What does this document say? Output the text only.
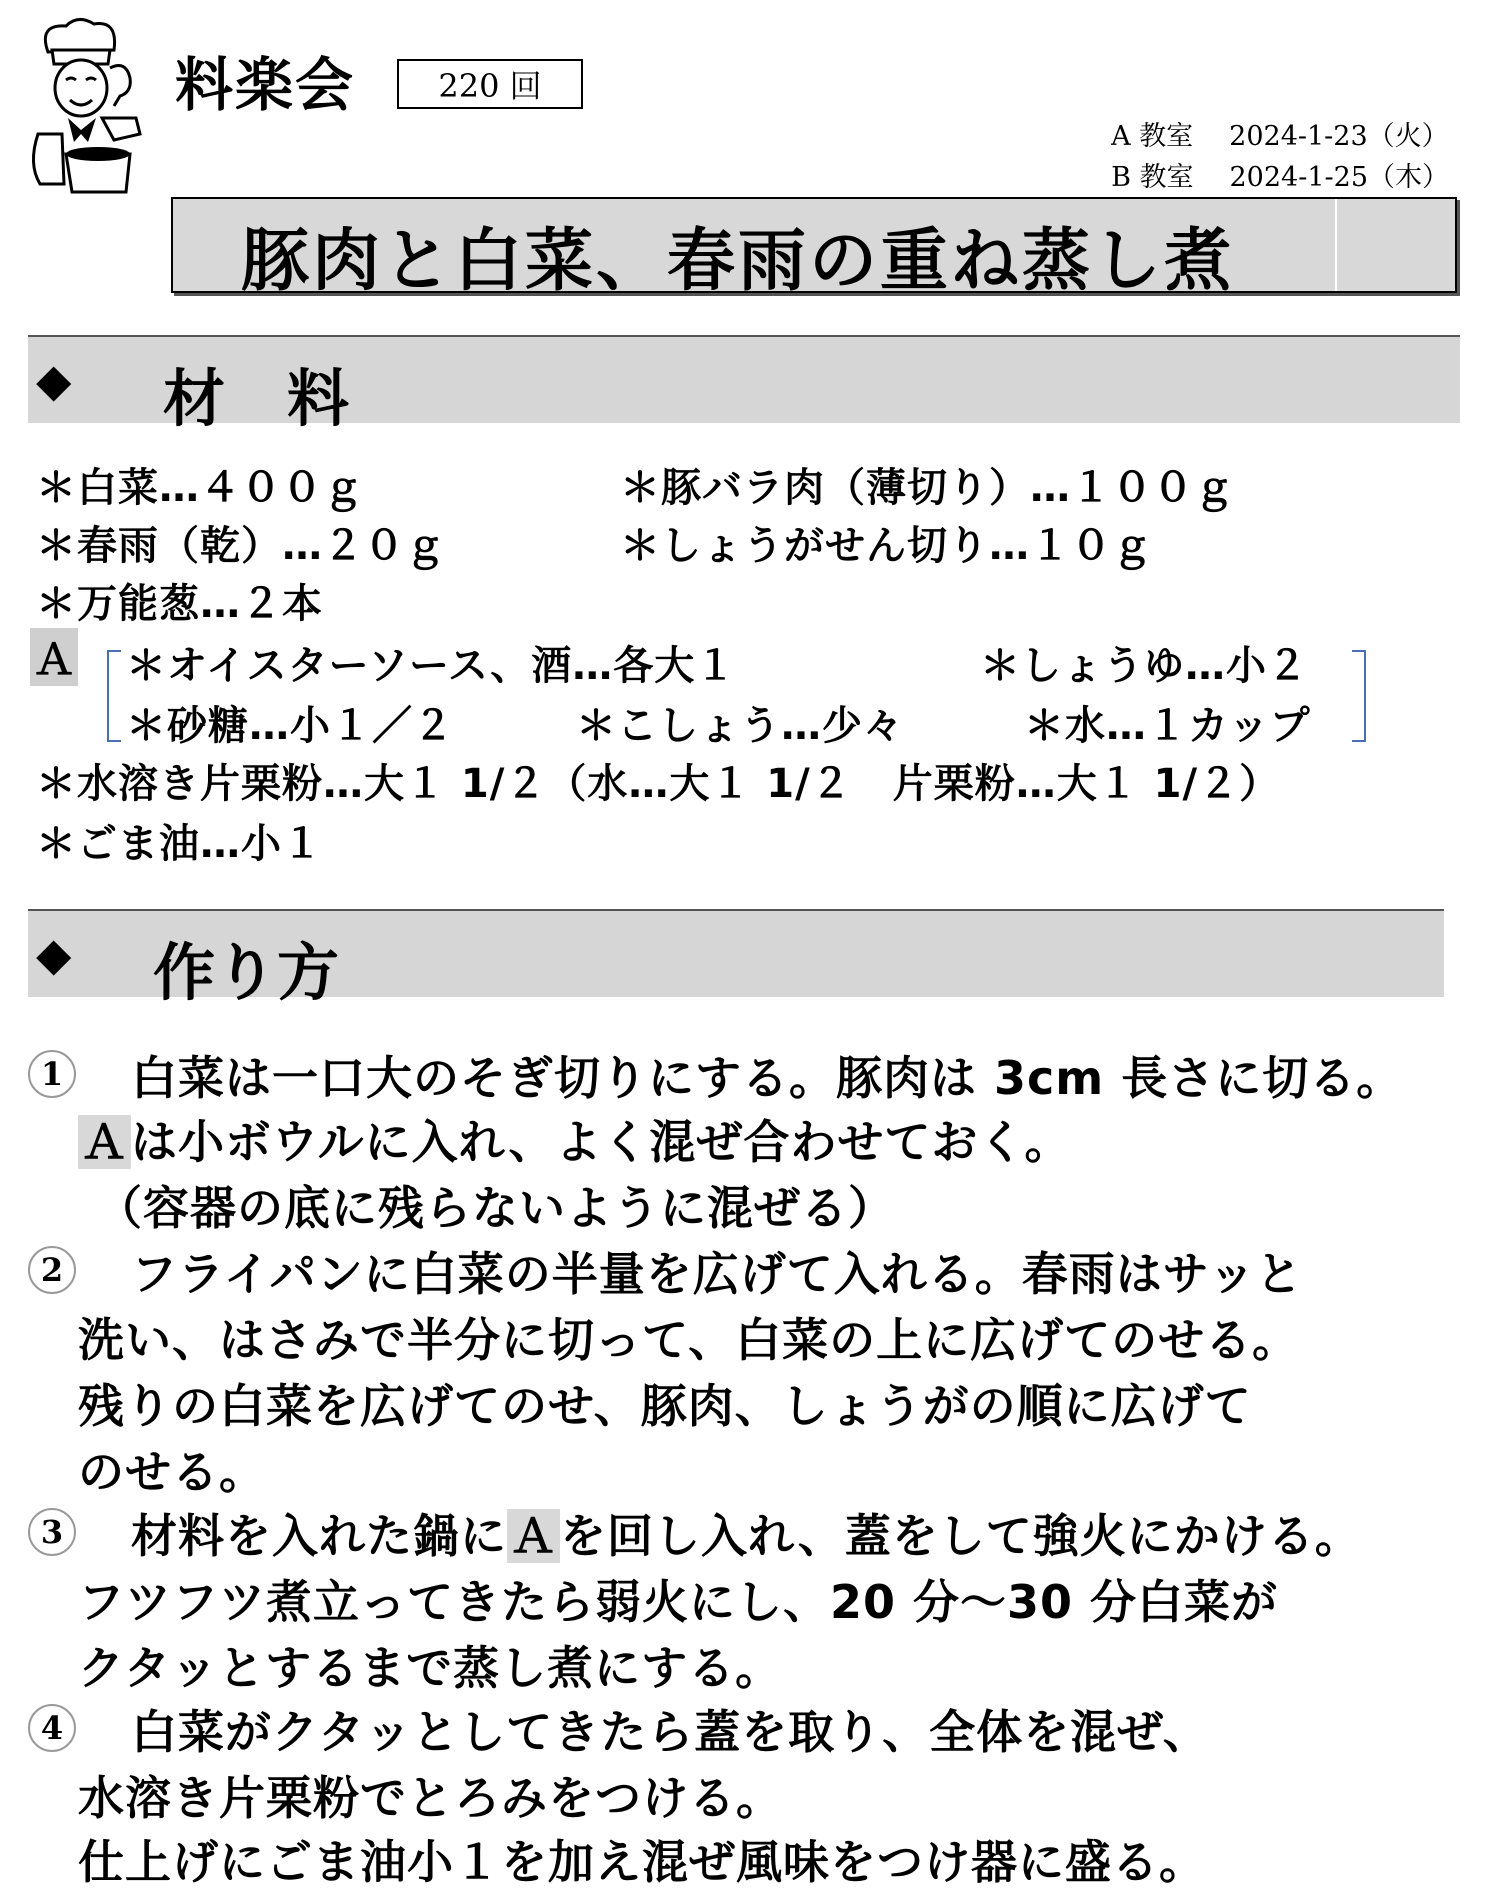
料楽会	220 回
A 教室 2024-1-23（火）
B 教室 2024-1-25（木）
豚肉と白菜、春雨の重ね蒸し煮
◆ 材　料
＊白菜…４００ｇ	＊豚バラ肉（薄切り）…１００ｇ
＊春雨（乾）…２０ｇ	＊しょうがせん切り…１０ｇ
＊万能葱…２本
Ａ ＊オイスターソース、酒…各大１	＊しょうゆ…小２
＊砂糖…小１／２	＊こしょう…少々	＊水…１カップ
＊水溶き片栗粉…大１ 1/２（水…大１ 1/２　片栗粉…大１ 1/２）
＊ごま油…小１
◆ 作り方
1 　白菜は一口大のそぎ切りにする。豚肉は 3cm 長さに切る。
Ａは小ボウルに入れ、よく混ぜ合わせておく。
（容器の底に残らないように混ぜる）
2 　フライパンに白菜の半量を広げて入れる。春雨はサッと
洗い、はさみで半分に切って、白菜の上に広げてのせる。
残りの白菜を広げてのせ、豚肉、しょうがの順に広げて
のせる。
3 　材料を入れた鍋にＡを回し入れ、蓋をして強火にかける。
フツフツ煮立ってきたら弱火にし、20 分～30 分白菜が
クタッとするまで蒸し煮にする。
4 　白菜がクタッとしてきたら蓋を取り、全体を混ぜ、
水溶き片栗粉でとろみをつける。
仕上げにごま油小１を加え混ぜ風味をつけ器に盛る。
